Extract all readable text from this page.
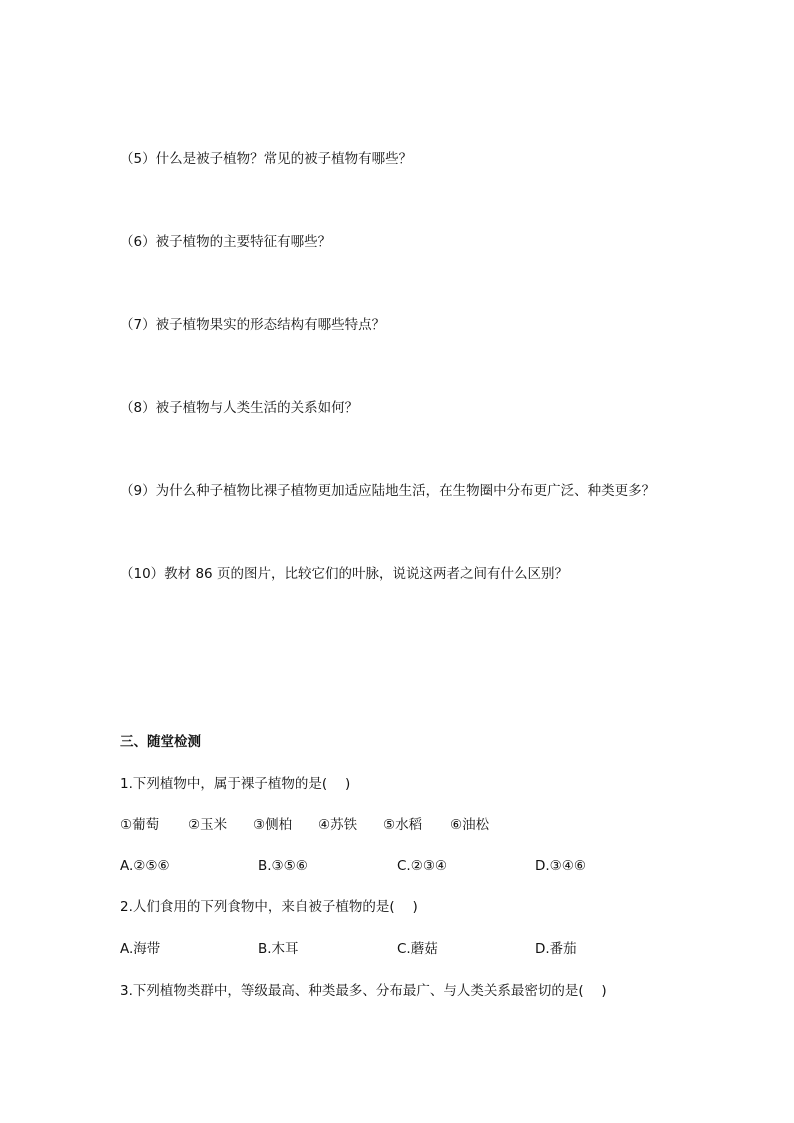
（5）什么是被子植物？常见的被子植物有哪些？
（6）被子植物的主要特征有哪些？
（7）被子植物果实的形态结构有哪些特点？
（8）被子植物与人类生活的关系如何？
（9）为什么种子植物比裸子植物更加适应陆地生活，在生物圈中分布更广泛、种类更多？
（10）教材 86 页的图片，比较它们的叶脉，说说这两者之间有什么区别？
三、随堂检测
1.下列植物中，属于裸子植物的是(　 )
①葡萄 ②玉米 ③侧柏 ④苏铁 ⑤水稻 ⑥油松
A.②⑤⑥	B.③⑤⑥	C.②③④	D.③④⑥
2.人们食用的下列食物中，来自被子植物的是(　 )
A.海带	B.木耳	C.蘑菇	D.番茄
3.下列植物类群中，等级最高、种类最多、分布最广、与人类关系最密切的是(　 )
